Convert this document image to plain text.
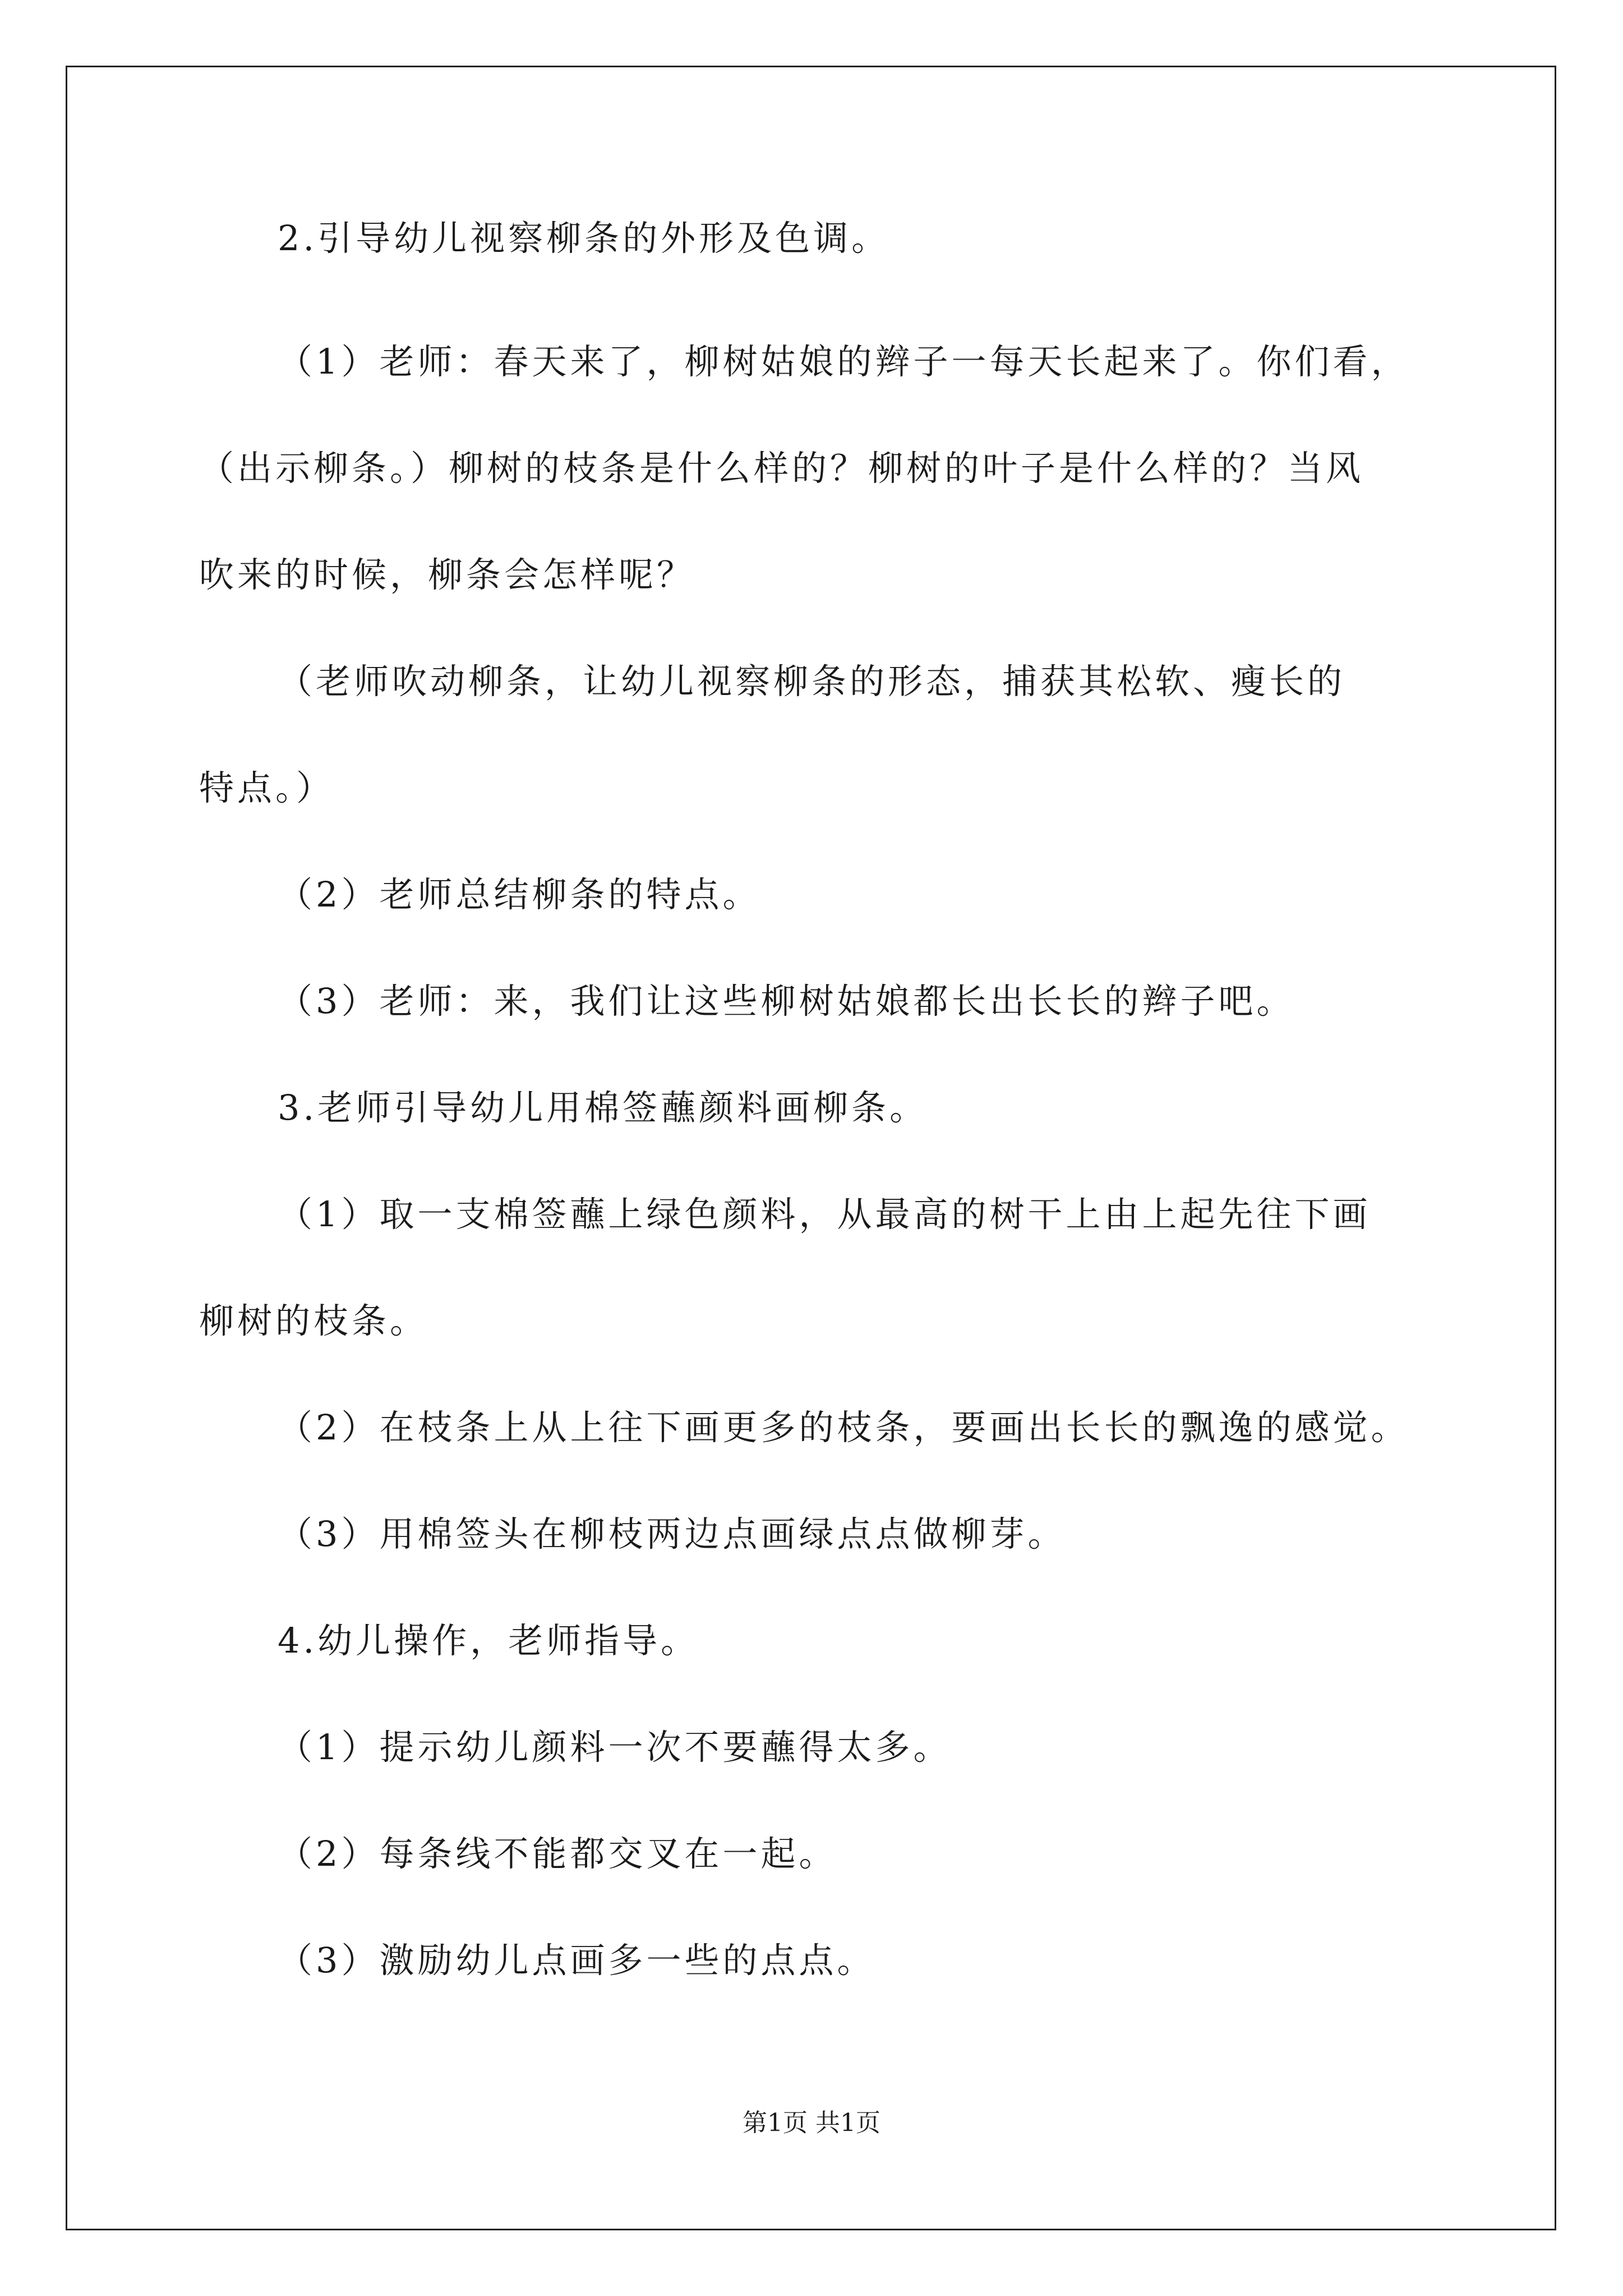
2.引导幼儿视察柳条的外形及色调。
（1）老师：春天来了，柳树姑娘的辫子一每天长起来了。你们看，
（出示柳条。）柳树的枝条是什么样的？柳树的叶子是什么样的？当风
吹来的时候，柳条会怎样呢？
（老师吹动柳条，让幼儿视察柳条的形态，捕获其松软、瘦长的
特点。）
（2）老师总结柳条的特点。
（3）老师：来，我们让这些柳树姑娘都长出长长的辫子吧。
3.老师引导幼儿用棉签蘸颜料画柳条。
（1）取一支棉签蘸上绿色颜料，从最高的树干上由上起先往下画
柳树的枝条。
（2）在枝条上从上往下画更多的枝条，要画出长长的飘逸的感觉。
（3）用棉签头在柳枝两边点画绿点点做柳芽。
4.幼儿操作，老师指导。
（1）提示幼儿颜料一次不要蘸得太多。
（2）每条线不能都交叉在一起。
（3）激励幼儿点画多一些的点点。
第1页 共1页
